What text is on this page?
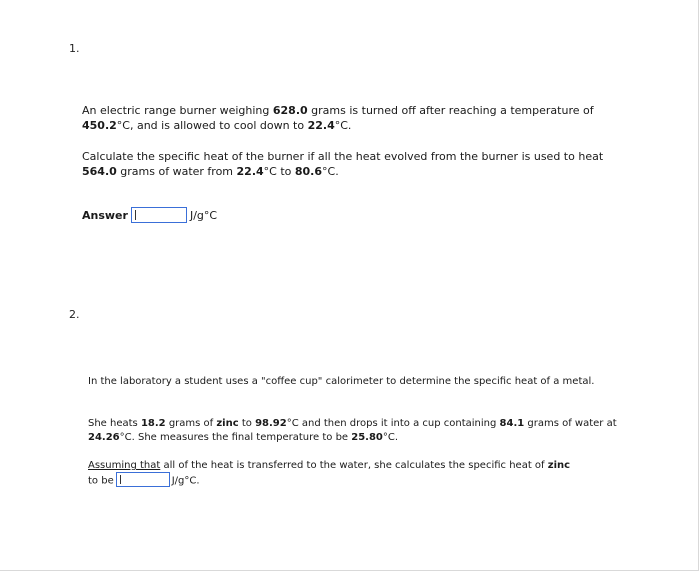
1.

An electric range burner weighing 628.0 grams is turned off after reaching a temperature of
450.2°C, and is allowed to cool down to 22.4°C.

Calculate the specific heat of the burner if all the heat evolved from the burner is used to heat
564.0 grams of water from 22.4°C to 80.6°C.

Answer	J/g°C
2.

In the laboratory a student uses a "coffee cup" calorimeter to determine the specific heat of a metal.

She heats 18.2 grams of zinc to 98.92°C and then drops it into a cup containing 84.1 grams of water at 24.26°C. She measures the final temperature to be 25.80°C.

Assuming that all of the heat is transferred to the water, she calculates the specific heat of zinc
to be	J/g°C.
